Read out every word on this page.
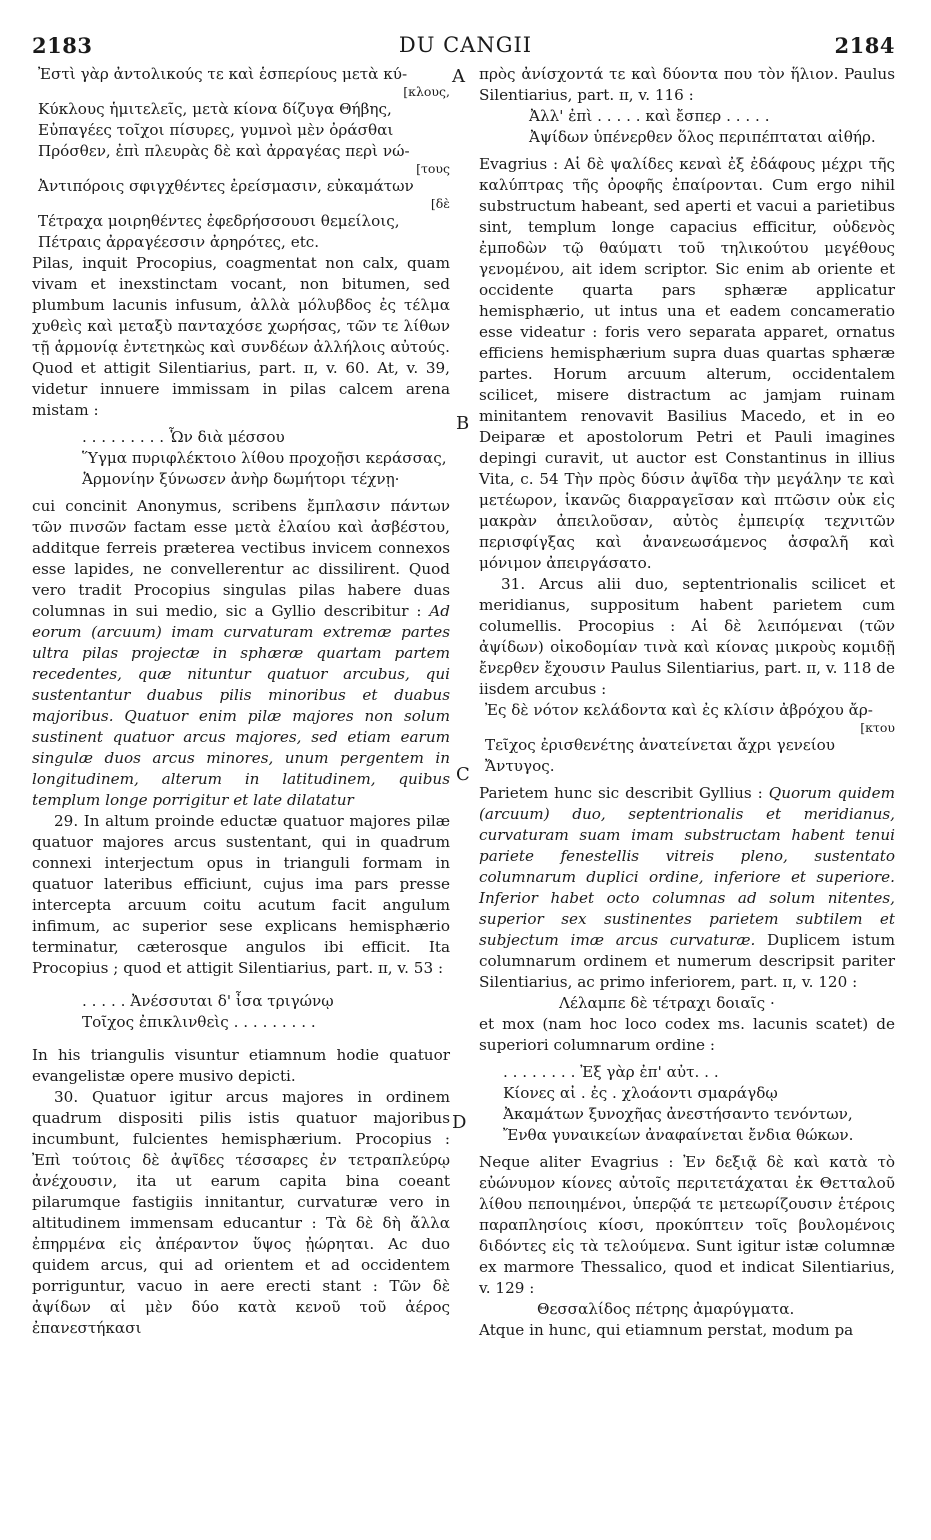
2183	DU CANGII	2184
A
B
C
D
Ἐστὶ γὰρ ἀντολικούς τε καὶ ἑσπερίους μετὰ κύ-
[κλους,
Κύκλους ἡμιτελεῖς, μετὰ κίονα δίζυγα Θήβης,
Εὐπαγέες τοῖχοι πίσυρες, γυμνοὶ μὲν ὀράσθαι
Πρόσθεν, ἐπὶ πλευρὰς δὲ καὶ ἀρραγέας περὶ νώ-
[τους
Ἀντιπόροις σφιγχθέντες ἐρείσμασιν, εὐκαμάτων
[δὲ
Τέτραχα μοιρηθέντες ἐφεδρήσσουσι θεμείλοις,
Πέτραις ἀρραγέεσσιν ἀρηρότες, etc.

Pilas, inquit Procopius, coagmentat non calx, quam vivam et inexstinctam vocant, non bitumen, sed plumbum lacunis infusum, ἀλλὰ μόλυβδος ἐς τέλμα χυθεὶς καὶ μεταξὺ πανταχόσε χωρήσας, τῶν τε λίθων τῇ ἁρμονίᾳ ἐντετηκὼς καὶ συνδέων ἀλλήλοις αὐτούς. Quod et attigit Silentiarius, part. ɪɪ, v. 60. At, v. 39, videtur innuere immissam in pilas calcem arena mistam :

. . . . . . . . . Ὧν διὰ μέσσου
Ὕγμα πυριφλέκτοιο λίθου προχοῇσι κεράσσας,
Ἁρμονίην ξύνωσεν ἀνὴρ δωμήτορι τέχνῃ·

cui concinit Anonymus, scribens ἔμπλασιν πάντων τῶν πινσῶν factam esse μετὰ ἐλαίου καὶ ἀσβέστου, additque ferreis præterea vectibus invicem connexos esse lapides, ne convellerentur ac dissilirent. Quod vero tradit Procopius singulas pilas habere duas columnas in sui medio, sic a Gyllio describitur : Ad eorum (arcuum) imam curvaturam extremæ partes ultra pilas projectæ in sphæræ quartam partem recedentes, quæ nituntur quatuor arcubus, qui sustentantur duabus pilis minoribus et duabus majoribus. Quatuor enim pilæ majores non solum sustinent quatuor arcus majores, sed etiam earum singulæ duos arcus minores, unum pergentem in longitudinem, alterum in latitudinem, quibus templum longe porrigitur et late dilatatur

29. In altum proinde eductæ quatuor majores pilæ quatuor majores arcus sustentant, qui in quadrum connexi interjectum opus in trianguli formam in quatuor lateribus efficiunt, cujus ima pars presse intercepta arcuum coitu acutum facit angulum infimum, ac superior sese explicans hemisphærio terminatur, cæterosque angulos ibi efficit. Ita Procopius ; quod et attigit Silentiarius, part. ɪɪ, v. 53 :

. . . . . Ἀνέσσυται δ' ἶσα τριγώνῳ
Τοῖχος ἐπικλινθεὶς . . . . . . . . .

In his triangulis visuntur etiamnum hodie quatuor evangelistæ opere musivo depicti.

30. Quatuor igitur arcus majores in ordinem quadrum dispositi pilis istis quatuor majoribus incumbunt, fulcientes hemisphærium. Procopius : Ἐπὶ τούτοις δὲ ἀψῖδες τέσσαρες ἐν τετραπλεύρῳ ἀνέχουσιν, ita ut earum capita bina coeant pilarumque fastigiis innitantur, curvaturæ vero in altitudinem immensam educantur : Τὰ δὲ δὴ ἄλλα ἐπηρμένα εἰς ἀπέραντον ὕψος ᾐώρηται. Ac duo quidem arcus, qui ad orientem et ad occidentem porriguntur, vacuo in aere erecti stant : Τῶν δὲ ἀψίδων αἱ μὲν δύο κατὰ κενοῦ τοῦ ἀέρος ἐπανεστήκασι

πρὸς ἀνίσχοντά τε καὶ δύοντα που τὸν ἥλιον. Paulus Silentiarius, part. ɪɪ, v. 116 :

Ἀλλ' ἐπὶ . . . . . καὶ ἔσπερ . . . . .
Ἀψίδων ὑπένερθεν ὅλος περιπέπταται αἰθήρ.

Evagrius : Αἱ δὲ ψαλίδες κεναὶ ἐξ ἐδάφους μέχρι τῆς καλύπτρας τῆς ὀροφῆς ἐπαίρονται. Cum ergo nihil substructum habeant, sed aperti et vacui a parietibus sint, templum longe capacius efficitur, οὐδενὸς ἐμποδὼν τῷ θαύματι τοῦ τηλικούτου μεγέθους γενομένου, ait idem scriptor. Sic enim ab oriente et occidente quarta pars sphæræ applicatur hemisphærio, ut intus una et eadem concameratio esse videatur : foris vero separata apparet, ornatus efficiens hemisphærium supra duas quartas sphæræ partes. Horum arcuum alterum, occidentalem scilicet, misere distractum ac jamjam ruinam minitantem renovavit Basilius Macedo, et in eo Deiparæ et apostolorum Petri et Pauli imagines depingi curavit, ut auctor est Constantinus in illius Vita, c. 54 Τὴν πρὸς δύσιν ἀψῖδα τὴν μεγάλην τε καὶ μετέωρον, ἱκανῶς διαρραγεῖσαν καὶ πτῶσιν οὐκ εἰς μακρὰν ἀπειλοῦσαν, αὐτὸς ἐμπειρίᾳ τεχνιτῶν περισφίγξας καὶ ἀνανεωσάμενος ἀσφαλῆ καὶ μόνιμον ἀπειργάσατο.

31. Arcus alii duo, septentrionalis scilicet et meridianus, suppositum habent parietem cum columellis. Procopius : Αἱ δὲ λειπόμεναι (τῶν ἀψίδων) οἰκοδομίαν τινὰ καὶ κίονας μικροὺς κομιδῇ ἔνερθεν ἔχουσιν Paulus Silentiarius, part. ɪɪ, v. 118 de iisdem arcubus :

Ἐς δὲ νότον κελάδοντα καὶ ἐς κλίσιν ἀβρόχου ἄρ-
[κτου
Τεῖχος ἐρισθενέτης ἀνατείνεται ἄχρι γενείου
Ἄντυγος.

Parietem hunc sic describit Gyllius : Quorum quidem (arcuum) duo, septentrionalis et meridianus, curvaturam suam imam substructam habent tenui pariete fenestellis vitreis pleno, sustentato columnarum duplici ordine, inferiore et superiore. Inferior habet octo columnas ad solum nitentes, superior sex sustinentes parietem subtilem et subjectum imæ arcus curvaturæ. Duplicem istum columnarum ordinem et numerum descripsit pariter Silentiarius, ac primo inferiorem, part. ɪɪ, v. 120 :

Λέλαμπε δὲ τέτραχι δοιαῖς ·

et mox (nam hoc loco codex ms. lacunis scatet) de superiori columnarum ordine :

. . . . . . . . Ἐξ γὰρ ἐπ' αὐτ. . .
Κίονες αἰ . ἐς . χλοάοντι σμαράγδῳ
Ἀκαμάτων ξυνοχῆας ἀνεστήσαντο τενόντων,
Ἔνθα γυναικείων ἀναφαίνεται ἔνδια θώκων.

Neque aliter Evagrius : Ἐν δεξιᾷ δὲ καὶ κατὰ τὸ εὐώνυμον κίονες αὐτοῖς περιτετάχαται ἐκ Θετταλοῦ λίθου πεποιημένοι, ὑπερῷά τε μετεωρίζουσιν ἑτέροις παραπλησίοις κίοσι, προκύπτειν τοῖς βουλομένοις διδόντες εἰς τὰ τελούμενα. Sunt igitur istæ columnæ ex marmore Thessalico, quod et indicat Silentiarius, v. 129 :

Θεσσαλίδος πέτρης ἀμαρύγματα.

Atque in hunc, qui etiamnum perstat, modum pa
